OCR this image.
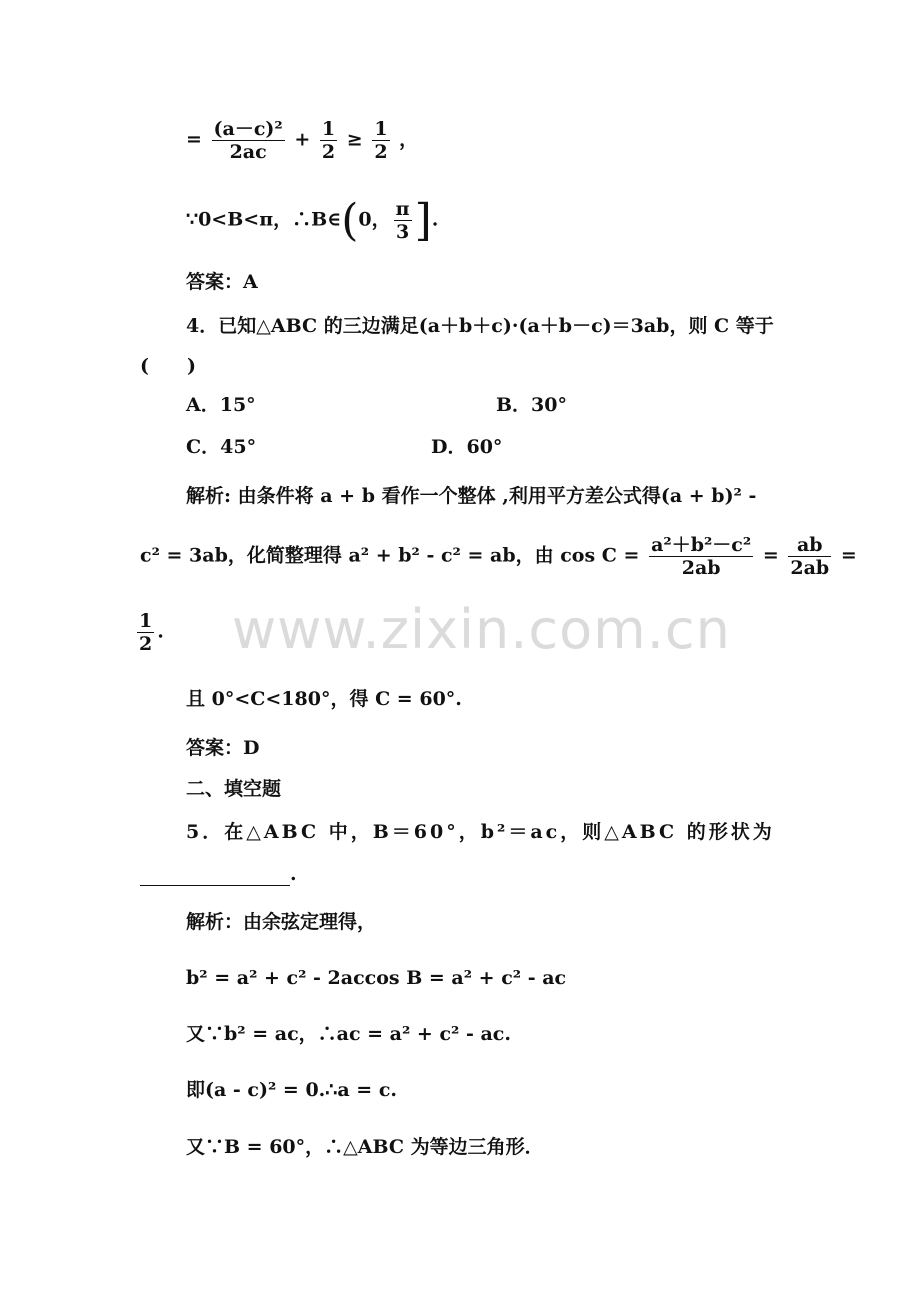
= $\frac{\text{(a－c)²}}{2ac} + \frac{1}{2} \ge \frac{1}{2}$ ，
∵0<B<π，∴B∈(0， $\frac{\pi}{3}$ ].
答案：A
4．已知△ABC 的三边满足(a＋b＋c)·(a＋b－c)＝3ab，则 C 等于
(　　)
A．15°	B．30°
C．45°	D．60°
解析: 由条件将 a + b 看作一个整体 ,利用平方差公式得(a + b)² -
c² = 3ab，化简整理得 a² + b² - c² = ab，由 $\cos C = \frac{\text{a²＋b²－c²}}{2ab} = \frac{ab}{2ab}$ =
$\frac{1}{2}$ .
且 0°<C<180°，得 C = 60°.
答案：D
二、填空题
5．在△ABC 中，B＝60°，b²＝ac，则△ABC 的形状为
.
解析：由余弦定理得，
b² = a² + c² - 2accos B = a² + c² - ac
又∵b² = ac，∴ac = a² + c² - ac.
即(a - c)² = 0.∴a = c.
又∵B = 60°，∴△ABC 为等边三角形．
www.zixin.com.cn
